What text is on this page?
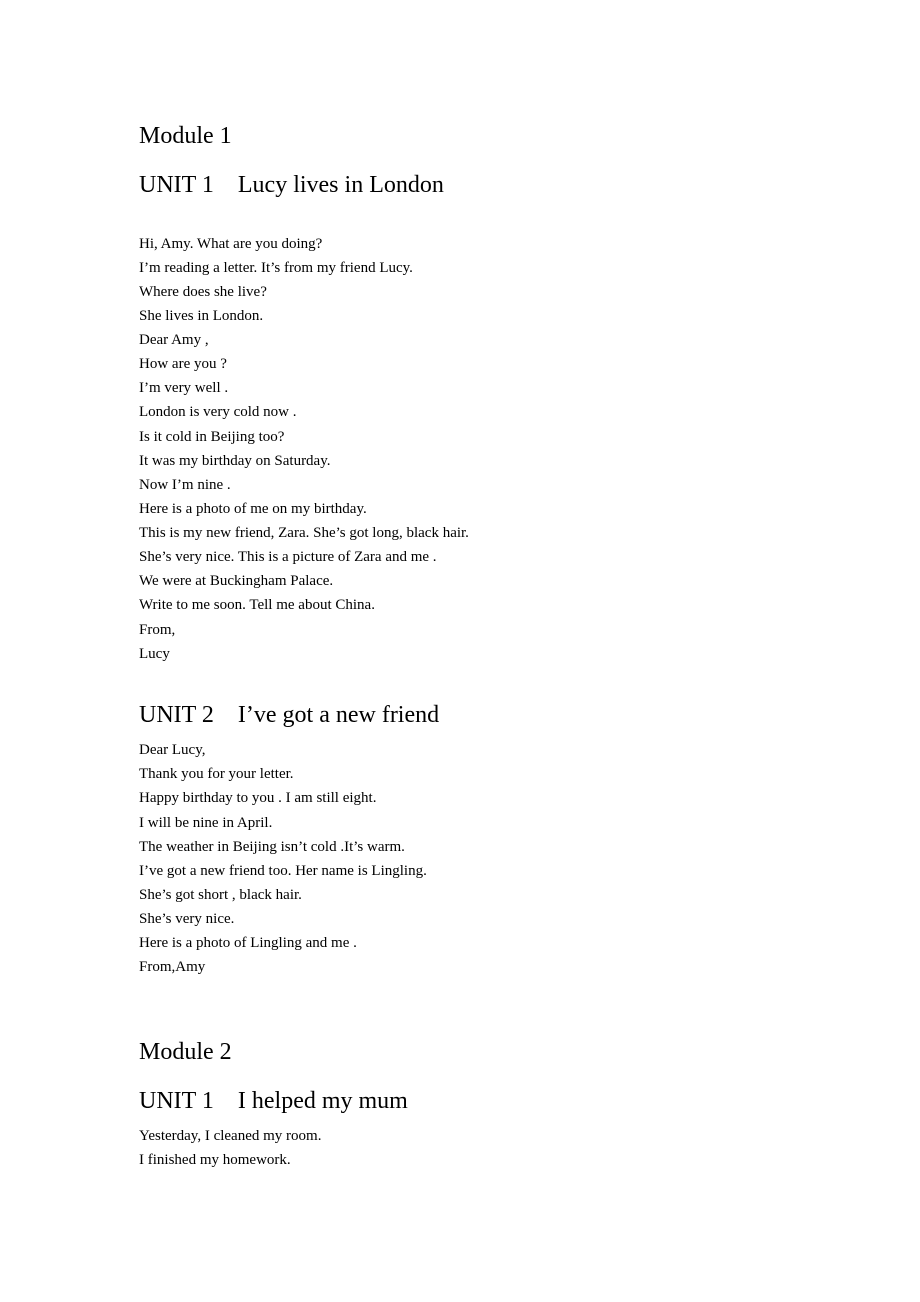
Module 1
UNIT 1    Lucy lives in London
Hi, Amy. What are you doing?
I’m reading a letter. It’s from my friend Lucy.
Where does she live?
She lives in London.
Dear Amy ,
How are you ?
I’m very well .
London is very cold now .
Is it cold in Beijing too?
It was my birthday on Saturday.
Now I’m nine .
Here is a photo of me on my birthday.
This is my new friend, Zara. She’s got long, black hair.
She’s very nice. This is a picture of Zara and me .
We were at Buckingham Palace.
Write to me soon. Tell me about China.
From,
Lucy
UNIT 2    I’ve got a new friend
Dear Lucy,
Thank you for your letter.
Happy birthday to you . I am still eight.
I will be nine in April.
The weather in Beijing isn’t cold .It’s warm.
I’ve got a new friend too. Her name is Lingling.
She’s got short , black hair.
She’s very nice.
Here is a photo of Lingling and me .
From,Amy
Module 2
UNIT 1    I helped my mum
Yesterday, I cleaned my room.
I finished my homework.
